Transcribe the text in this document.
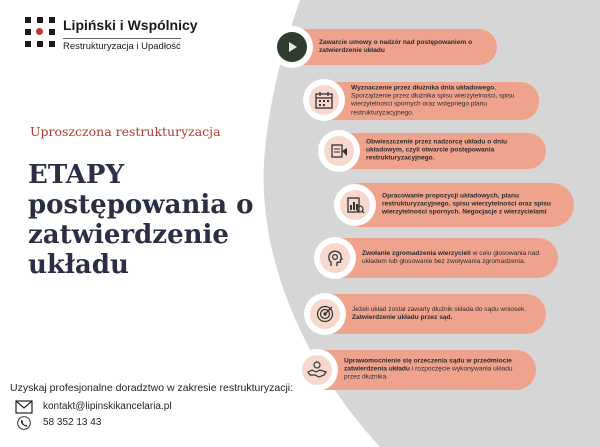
Lipiński i Wspólnicy
Restrukturyzacja i Upadłość
Uproszczona restrukturyzacja
ETAPY
postępowania o
zatwierdzenie
układu
Uzyskaj profesjonalne doradztwo w zakresie restrukturyzacji:
kontakt@lipinskikancelaria.pl
58 352 13 43
Zawarcie umowy o nadzór nad postępowaniem o zatwierdzenie układu
Wyznaczenie przez dłużnika dnia układowego.
Sporządzenie przez dłużnika spisu wierzytelności, spisu wierzytelności spornych oraz wstępnego planu restrukturyzacyjnego.
Obwieszczenie przez nadzorcę układu o dniu układowym, czyli otwarcie postępowania restrukturyzacyjnego.
Opracowanie propozycji układowych, planu restrukturyzacyjnego, spisu wierzytelności oraz spisu wierzytelności spornych. Negocjacje z wierzycielami
Zwołanie zgromadzenia wierzycieli w celu głosowania nad układem lub głosowanie bez zwoływania zgromadzenia.
Jeżeli układ został zawarty dłużnik składa do sądu wniosek. Zatwierdzenie układu przez sąd.
Uprawomocnienie się orzeczenia sądu w przedmiocie zatwierdzenia układu i rozpoczęcie wykonywania układu przez dłużnika.
